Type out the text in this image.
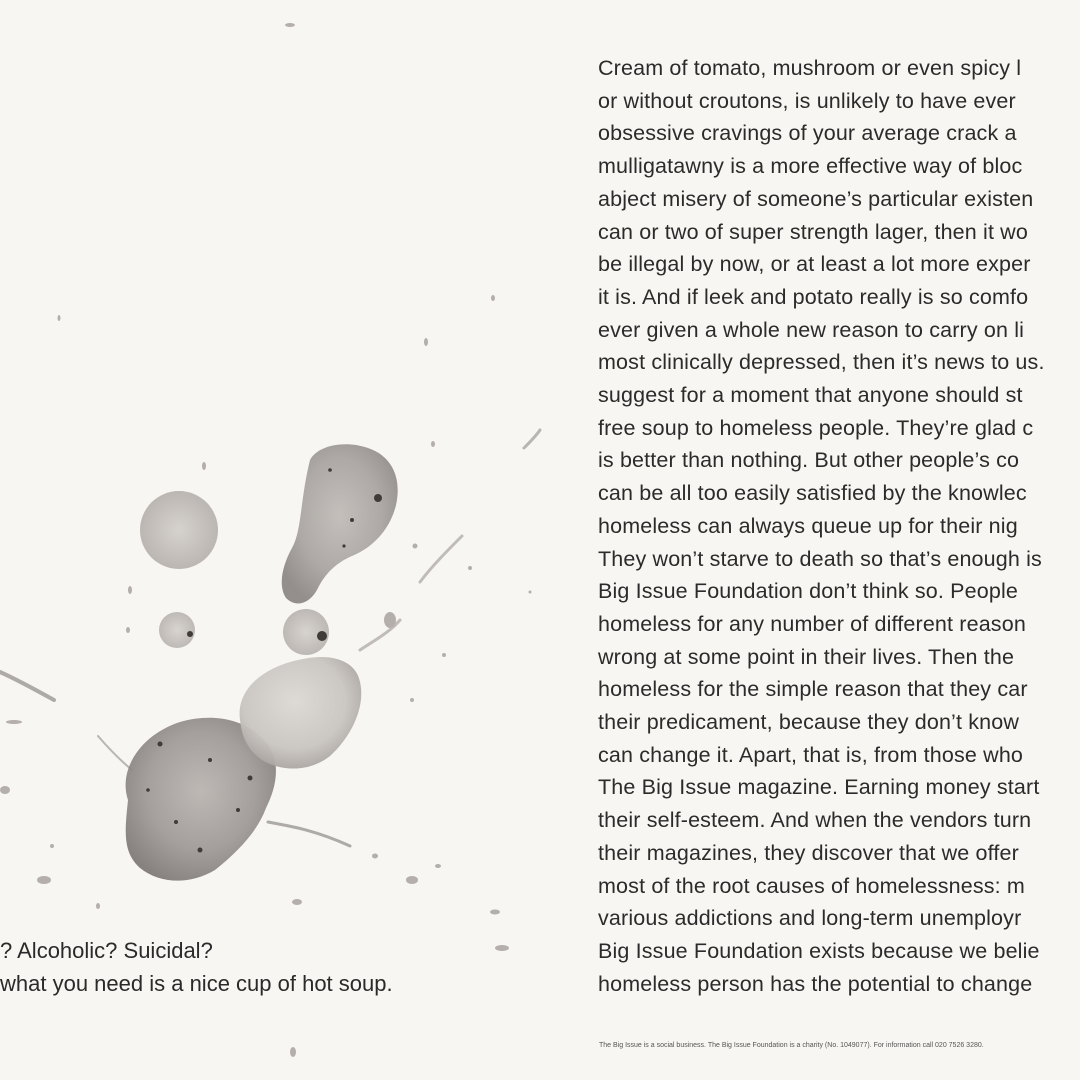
? Alcoholic? Suicidal?
what you need is a nice cup of hot soup.
Cream of tomato, mushroom or even spicy l
or without croutons, is unlikely to have ever
obsessive cravings of your average crack a
mulligatawny is a more effective way of bloc
abject misery of someone’s particular existen
can or two of super strength lager, then it wo
be illegal by now, or at least a lot more exper
it is. And if leek and potato really is so comfo
ever given a whole new reason to carry on li
most clinically depressed, then it’s news to us.
suggest for a moment that anyone should st
free soup to homeless people. They’re glad c
is better than nothing. But other people’s co
can be all too easily satisfied by the knowlec
homeless can always queue up for their nig
They won’t starve to death so that’s enough is
Big Issue Foundation don’t think so. People
homeless for any number of different reason
wrong at some point in their lives. Then the
homeless for the simple reason that they car
their predicament, because they don’t know
can change it. Apart, that is, from those who
The Big Issue magazine. Earning money start
their self-esteem. And when the vendors turn
their magazines, they discover that we offer
most of the root causes of homelessness: m
various addictions and long-term unemployr
Big Issue Foundation exists because we belie
homeless person has the potential to change

The Big Issue is a social business. The Big Issue Foundation is a charity (No. 1049077). For information call 020 7526 3280.
